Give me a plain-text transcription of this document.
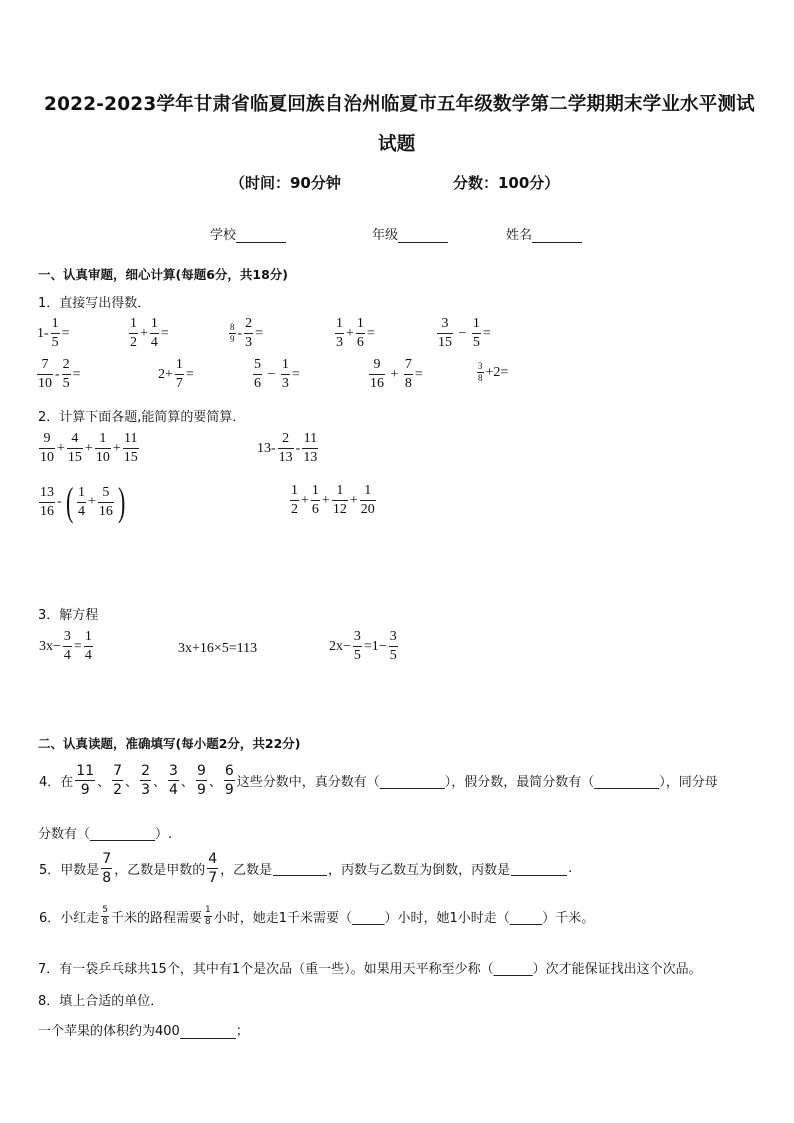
2022-2023学年甘肃省临夏回族自治州临夏市五年级数学第二学期期末学业水平测试
试题
（时间：90分钟	分数：100分）
学校	年级	姓名
一、认真审题，细心计算(每题6分，共18分)
1．直接写出得数．
$1- \frac{1}{5}$ =	$\frac{1}{2} + \frac{1}{4}$ =	$\frac{8}{9} - \frac{2}{3}$ =	$\frac{1}{3} + \frac{1}{6}$ =	$\frac{3}{15} - \frac{1}{5}$ =
$\frac{7}{10} - \frac{2}{5}$ =	$2+ \frac{1}{7}$ =	$\frac{5}{6} - \frac{1}{3}$ =	$\frac{9}{16} + \frac{7}{8}$ =	$\frac{3}{8} +2=$
2．计算下面各题,能简算的要简算．
$\frac{9}{10} + \frac{4}{15} + \frac{1}{10} + \frac{11}{15}$	$13- \frac{2}{13} - \frac{11}{13}$
$\frac{13}{16}$ -( $\frac{1}{4} + \frac{5}{16}$ )	$\frac{1}{2} + \frac{1}{6} + \frac{1}{12} + \frac{1}{20}$
3．解方程
$3x- \frac{3}{4} = \frac{1}{4}$	3x+16×5=113	$2x- \frac{3}{5} =1- \frac{3}{5}$
二、认真读题，准确填写(每小题2分，共22分)
4．在 $\frac{11}{9}$ 、 $\frac{7}{2}$ 、 $\frac{2}{3}$ 、 $\frac{3}{4}$ 、 $\frac{9}{9}$ 、 $\frac{6}{9}$ 这些分数中，真分数有（__________），假分数，最简分数有（__________），同分母
分数有（__________）.
5．甲数是 $\frac{7}{8}$ ，乙数是甲数的 $\frac{4}{7}$ ，乙数是	，丙数与乙数互为倒数，丙数是	.
6．小红走 $\frac{5}{8}$ 千米的路程需要 $\frac{1}{8}$ 小时，她走1千米需要（_____）小时，她1小时走（_____）千米。
7．有一袋乒乓球共15个，其中有1个是次品（重一些）。如果用天平称至少称（______）次才能保证找出这个次品。
8．填上合适的单位．
一个苹果的体积约为400	；
